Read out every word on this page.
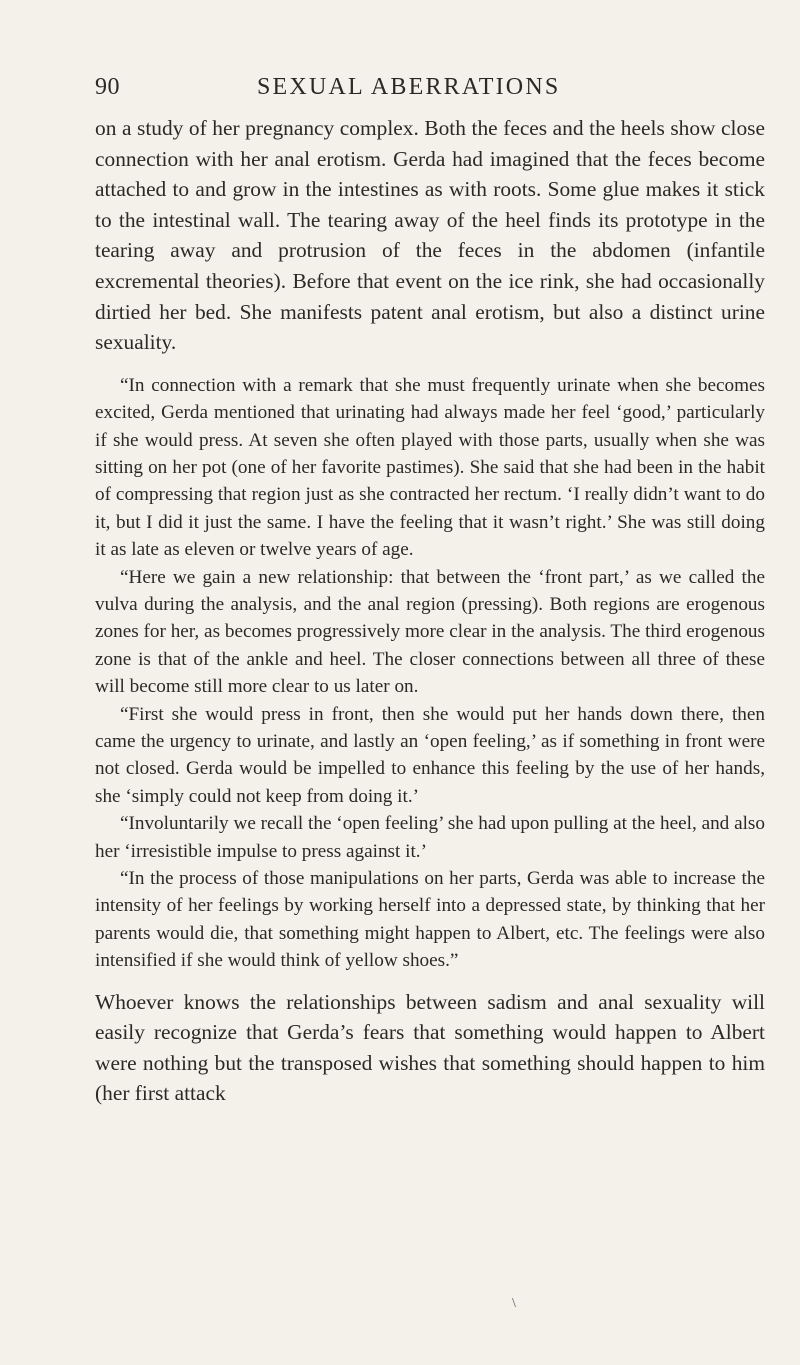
90	SEXUAL ABERRATIONS

on a study of her pregnancy complex. Both the feces and the heels show close connection with her anal erotism. Gerda had imagined that the feces become attached to and grow in the intestines as with roots. Some glue makes it stick to the intestinal wall. The tearing away of the heel finds its prototype in the tearing away and protrusion of the feces in the abdomen (infantile excremental theories). Before that event on the ice rink, she had occasionally dirtied her bed. She manifests patent anal erotism, but also a distinct urine sexuality.

“In connection with a remark that she must frequently urinate when she becomes excited, Gerda mentioned that urinating had always made her feel ‘good,’ particularly if she would press. At seven she often played with those parts, usually when she was sitting on her pot (one of her favorite pastimes). She said that she had been in the habit of compressing that region just as she contracted her rectum. ‘I really didn’t want to do it, but I did it just the same. I have the feeling that it wasn’t right.’ She was still doing it as late as eleven or twelve years of age.

“Here we gain a new relationship: that between the ‘front part,’ as we called the vulva during the analysis, and the anal region (pressing). Both regions are erogenous zones for her, as becomes progressively more clear in the analysis. The third erogenous zone is that of the ankle and heel. The closer connections between all three of these will become still more clear to us later on.

“First she would press in front, then she would put her hands down there, then came the urgency to urinate, and lastly an ‘open feeling,’ as if something in front were not closed. Gerda would be impelled to enhance this feeling by the use of her hands, she ‘simply could not keep from doing it.’

“Involuntarily we recall the ‘open feeling’ she had upon pulling at the heel, and also her ‘irresistible impulse to press against it.’

“In the process of those manipulations on her parts, Gerda was able to increase the intensity of her feelings by working herself into a depressed state, by thinking that her parents would die, that something might happen to Albert, etc. The feelings were also intensified if she would think of yellow shoes.”

Whoever knows the relationships between sadism and anal sexuality will easily recognize that Gerda’s fears that something would happen to Albert were nothing but the transposed wishes that something should happen to him (her first attack

\
